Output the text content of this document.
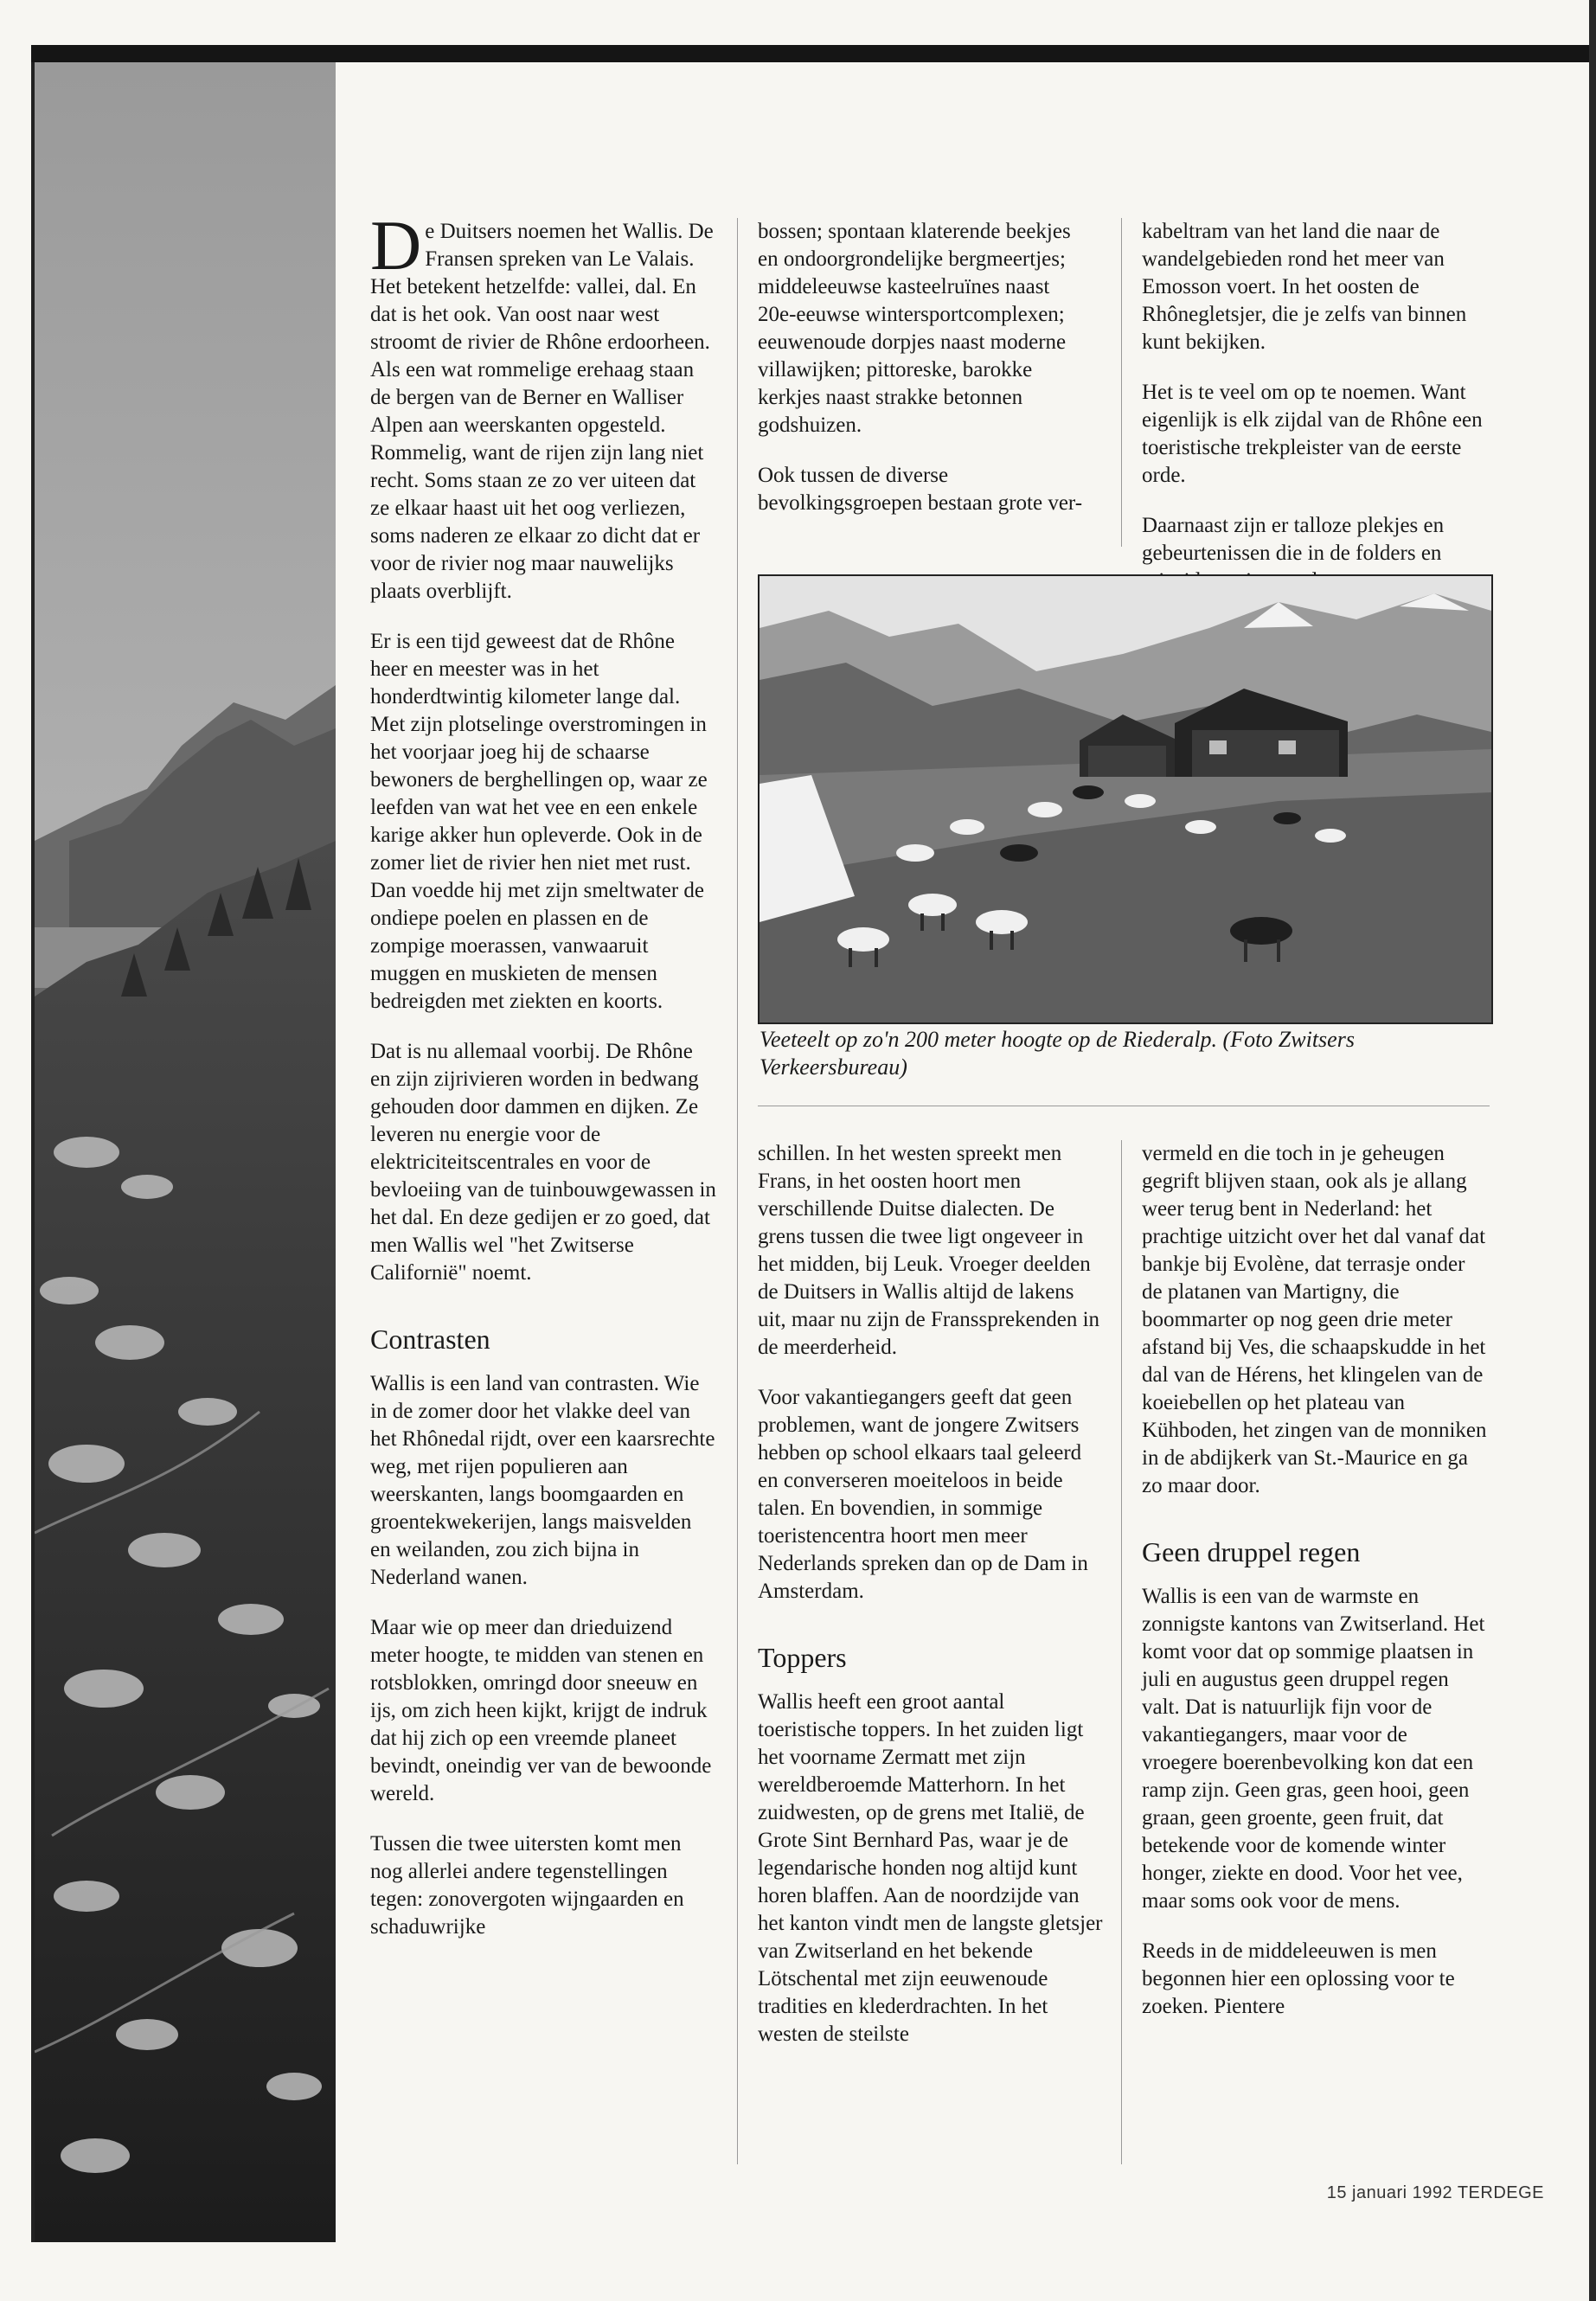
De Duitsers noemen het Wallis. De Fransen spreken van Le Valais. Het betekent hetzelfde: vallei, dal. En dat is het ook. Van oost naar west stroomt de rivier de Rhône erdoorheen. Als een wat rommelige erehaag staan de bergen van de Berner en Walliser Alpen aan weerskanten opgesteld. Rommelig, want de rijen zijn lang niet recht. Soms staan ze zo ver uiteen dat ze elkaar haast uit het oog verliezen, soms naderen ze elkaar zo dicht dat er voor de rivier nog maar nauwelijks plaats overblijft.

Er is een tijd geweest dat de Rhône heer en meester was in het honderdtwintig kilometer lange dal. Met zijn plotselinge overstromingen in het voorjaar joeg hij de schaarse bewoners de berghellingen op, waar ze leefden van wat het vee en een enkele karige akker hun opleverde. Ook in de zomer liet de rivier hen niet met rust. Dan voedde hij met zijn smeltwater de ondiepe poelen en plassen en de zompige moerassen, vanwaaruit muggen en muskieten de mensen bedreigden met ziekten en koorts.

Dat is nu allemaal voorbij. De Rhône en zijn zijrivieren worden in bedwang gehouden door dammen en dijken. Ze leveren nu energie voor de elektriciteitscentrales en voor de bevloeiing van de tuinbouwgewassen in het dal. En deze gedijen er zo goed, dat men Wallis wel "het Zwitserse Californië" noemt.

Contrasten

Wallis is een land van contrasten. Wie in de zomer door het vlakke deel van het Rhônedal rijdt, over een kaarsrechte weg, met rijen populieren aan weerskanten, langs boomgaarden en groentekwekerijen, langs maisvelden en weilanden, zou zich bijna in Nederland wanen.

Maar wie op meer dan drieduizend meter hoogte, te midden van stenen en rotsblokken, omringd door sneeuw en ijs, om zich heen kijkt, krijgt de indruk dat hij zich op een vreemde planeet bevindt, oneindig ver van de bewoonde wereld.

Tussen die twee uitersten komt men nog allerlei andere tegenstellingen tegen: zonovergoten wijngaarden en schaduwrijke

bossen; spontaan klaterende beekjes en ondoorgrondelijke bergmeertjes; middeleeuwse kasteelruïnes naast 20e-eeuwse wintersportcomplexen; eeuwenoude dorpjes naast moderne villawijken; pittoreske, barokke kerkjes naast strakke betonnen godshuizen.

Ook tussen de diverse bevolkingsgroepen bestaan grote ver-

kabeltram van het land die naar de wandelgebieden rond het meer van Emosson voert. In het oosten de Rhônegletsjer, die je zelfs van binnen kunt bekijken.

Het is te veel om op te noemen. Want eigenlijk is elk zijdal van de Rhône een toeristische trekpleister van de eerste orde.

Daarnaast zijn er talloze plekjes en gebeurtenissen die in de folders en

Veeteelt op zo'n 200 meter hoogte op de Riederalp. (Foto Zwitsers Verkeersbureau)

schillen. In het westen spreekt men Frans, in het oosten hoort men verschillende Duitse dialecten. De grens tussen die twee ligt ongeveer in het midden, bij Leuk. Vroeger deelden de Duitsers in Wallis altijd de lakens uit, maar nu zijn de Franssprekenden in de meerderheid.

Voor vakantiegangers geeft dat geen problemen, want de jongere Zwitsers hebben op school elkaars taal geleerd en converseren moeiteloos in beide talen. En bovendien, in sommige toeristencentra hoort men meer Nederlands spreken dan op de Dam in Amsterdam.

Toppers

Wallis heeft een groot aantal toeristische toppers. In het zuiden ligt het voorname Zermatt met zijn wereldberoemde Matterhorn. In het zuidwesten, op de grens met Italië, de Grote Sint Bernhard Pas, waar je de legendarische honden nog altijd kunt horen blaffen. Aan de noordzijde van het kanton vindt men de langste gletsjer van Zwitserland en het bekende Lötschental met zijn eeuwenoude tradities en klederdrachten. In het westen de steilste

vermeld en die toch in je geheugen gegrift blijven staan, ook als je allang weer terug bent in Nederland: het prachtige uitzicht over het dal vanaf dat bankje bij Evolène, dat terrasje onder de platanen van Martigny, die boommarter op nog geen drie meter afstand bij Ves, die schaapskudde in het dal van de Hérens, het klingelen van de koeiebellen op het plateau van Kühboden, het zingen van de monniken in de abdijkerk van St.-Maurice en ga zo maar door.

Geen druppel regen

Wallis is een van de warmste en zonnigste kantons van Zwitserland. Het komt voor dat op sommige plaatsen in juli en augustus geen druppel regen valt. Dat is natuurlijk fijn voor de vakantiegangers, maar voor de vroegere boerenbevolking kon dat een ramp zijn. Geen gras, geen hooi, geen graan, geen groente, geen fruit, dat betekende voor de komende winter honger, ziekte en dood. Voor het vee, maar soms ook voor de mens.

Reeds in de middeleeuwen is men begonnen hier een oplossing voor te zoeken. Pientere

15 januari 1992 TERDEGE
